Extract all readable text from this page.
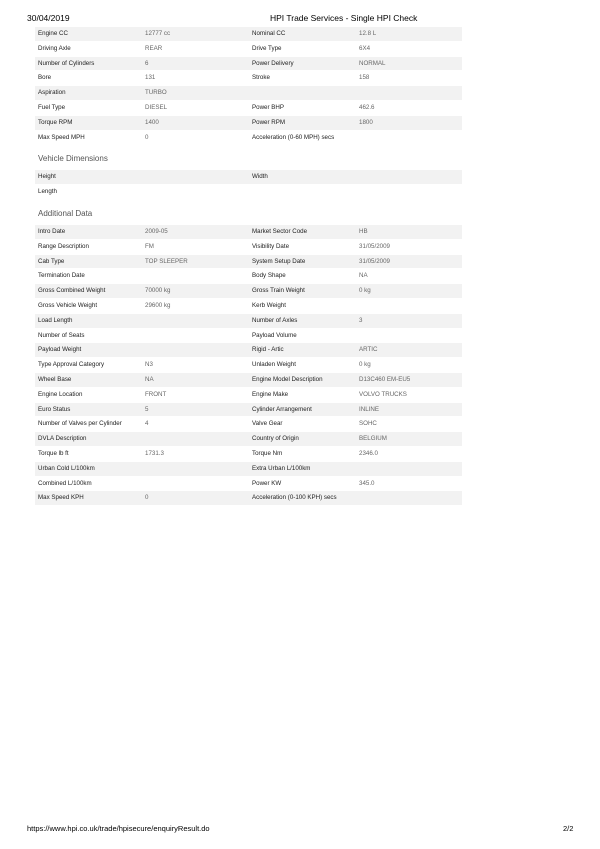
30/04/2019	HPI Trade Services - Single HPI Check
Engine CC	12777 cc	Nominal CC	12.8 L
Driving Axle	REAR	Drive Type	6X4
Number of Cylinders	6	Power Delivery	NORMAL
Bore	131	Stroke	158
Aspiration	TURBO		
Fuel Type	DIESEL	Power BHP	462.6
Torque RPM	1400	Power RPM	1800
Max Speed MPH	0	Acceleration (0-60 MPH) secs	
Vehicle Dimensions
Height		Width	
Length			
Additional Data
Intro Date	2009-05	Market Sector Code	HB
Range Description	FM	Visibility Date	31/05/2009
Cab Type	TOP SLEEPER	System Setup Date	31/05/2009
Termination Date		Body Shape	NA
Gross Combined Weight	70000 kg	Gross Train Weight	0 kg
Gross Vehicle Weight	29600 kg	Kerb Weight	
Load Length		Number of Axles	3
Number of Seats		Payload Volume	
Payload Weight		Rigid - Artic	ARTIC
Type Approval Category	N3	Unladen Weight	0 kg
Wheel Base	NA	Engine Model Description	D13C460 EM-EU5
Engine Location	FRONT	Engine Make	VOLVO TRUCKS
Euro Status	5	Cylinder Arrangement	INLINE
Number of Valves per Cylinder	4	Valve Gear	SOHC
DVLA Description		Country of Origin	BELGIUM
Torque lb ft	1731.3	Torque Nm	2346.0
Urban Cold L/100km		Extra Urban L/100km	
Combined L/100km		Power KW	345.0
Max Speed KPH	0	Acceleration (0-100 KPH) secs	
https://www.hpi.co.uk/trade/hpisecure/enquiryResult.do	2/2
